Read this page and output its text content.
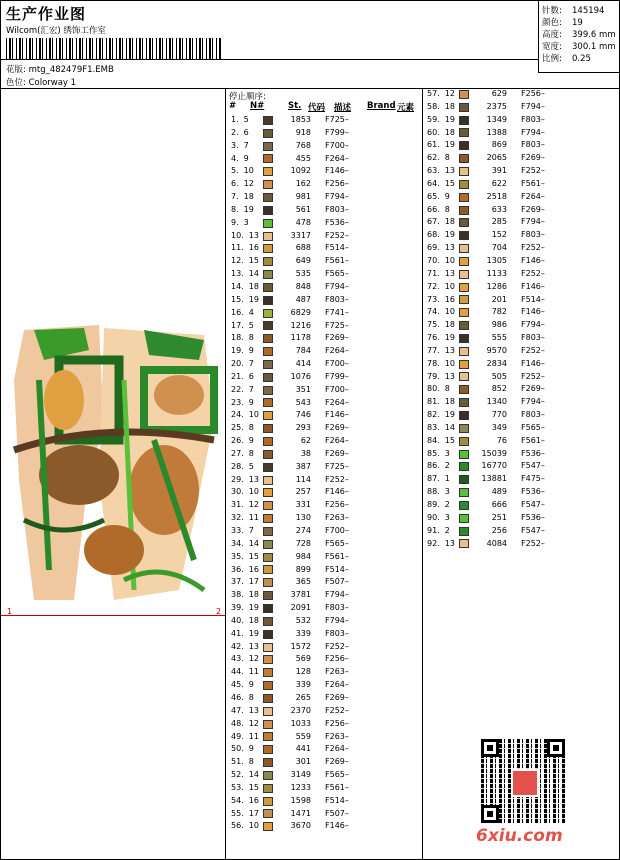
生产作业图
Wilcom(汇宏) 绣饰工作室
花版: mtg_482479F1.EMB
色位: Colorway 1
针数:	145194
颜色:	19
高度:	399.6 mm
宽度:	300.1 mm
比例:	0.25
1	2
停止顺序:
#	N#	St. 代码	描述	Brand 元素
1. 5	1853	F725–
2. 6	918	F799–
3. 7	768	F700–
4. 9	455	F264–
5. 10	1092	F146–
6. 12	162	F256–
7. 18	981	F794–
8. 19	561	F803–
9. 3	478	F536–
10. 13	3317	F252–
11. 16	688	F514–
12. 15	649	F561–
13. 14	535	F565–
14. 18	848	F794–
15. 19	487	F803–
16. 4	6829	F741–
17. 5	1216	F725–
18. 8	1178	F269–
19. 9	784	F264–
20. 7	414	F700–
21. 6	1076	F799–
22. 7	351	F700–
23. 9	543	F264–
24. 10	746	F146–
25. 8	293	F269–
26. 9	62	F264–
27. 8	38	F269–
28. 5	387	F725–
29. 13	114	F252–
30. 10	257	F146–
31. 12	331	F256–
32. 11	130	F263–
33. 7	274	F700–
34. 14	728	F565–
35. 15	984	F561–
36. 16	899	F514–
37. 17	365	F507–
38. 18	3781	F794–
39. 19	2091	F803–
40. 18	532	F794–
41. 19	339	F803–
42. 13	1572	F252–
43. 12	569	F256–
44. 11	128	F263–
45. 9	339	F264–
46. 8	265	F269–
47. 13	2370	F252–
48. 12	1033	F256–
49. 11	559	F263–
50. 9	441	F264–
51. 8	301	F269–
52. 14	3149	F565–
53. 15	1233	F561–
54. 16	1598	F514–
55. 17	1471	F507–
56. 10	3670	F146–
57. 12	629	F256–
58. 18	2375	F794–
59. 19	1349	F803–
60. 18	1388	F794–
61. 19	869	F803–
62. 8	2065	F269–
63. 13	391	F252–
64. 15	622	F561–
65. 9	2518	F264–
66. 8	633	F269–
67. 18	285	F794–
68. 19	152	F803–
69. 13	704	F252–
70. 10	1305	F146–
71. 13	1133	F252–
72. 10	1286	F146–
73. 16	201	F514–
74. 10	782	F146–
75. 18	986	F794–
76. 19	555	F803–
77. 13	9570	F252–
78. 10	2834	F146–
79. 13	505	F252–
80. 8	852	F269–
81. 18	1340	F794–
82. 19	770	F803–
83. 14	349	F565–
84. 15	76	F561–
85. 3	15039	F536–
86. 2	16770	F547–
87. 1	13881	F475–
88. 3	489	F536–
89. 2	666	F547–
90. 3	251	F536–
91. 2	256	F547–
92. 13	4084	F252–
6xiu.com
